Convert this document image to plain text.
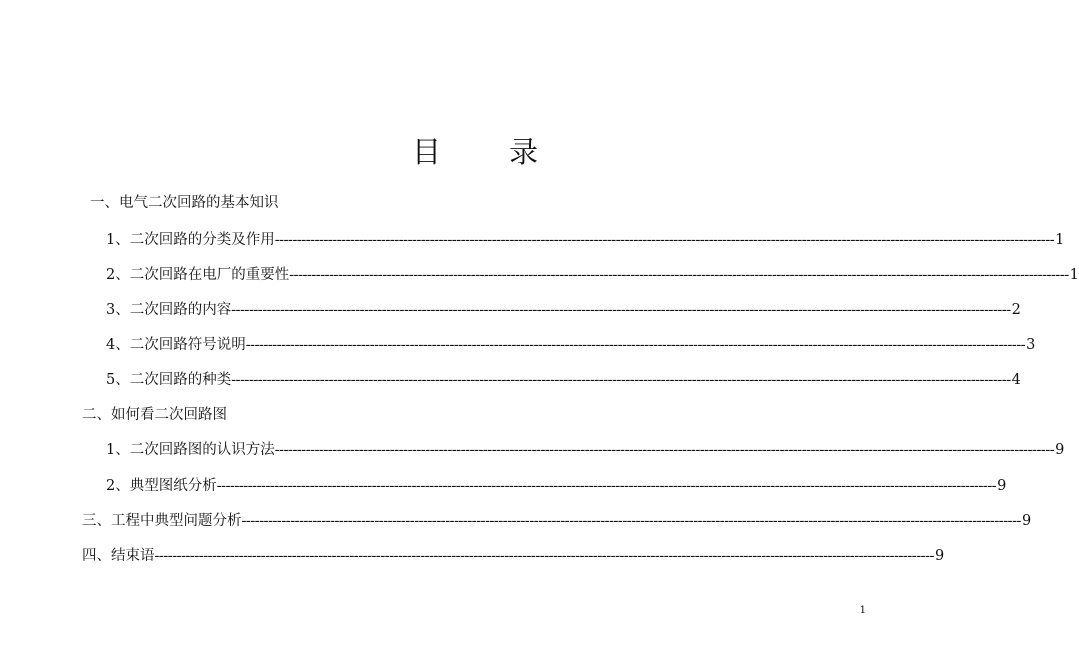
目 录
一、电气二次回路的基本知识
1、 二次回路的分类及作用 -------------------------------------------------------------------------------------------------------------------------------------------------------------------------------- 1
2、 二次回路在电厂的重要性 -------------------------------------------------------------------------------------------------------------------------------------------------------------------------------- 1
3、 二次回路的内容 -------------------------------------------------------------------------------------------------------------------------------------------------------------------------------- 2
4、 二次回路符号说明 -------------------------------------------------------------------------------------------------------------------------------------------------------------------------------- 3
5、 二次回路的种类 -------------------------------------------------------------------------------------------------------------------------------------------------------------------------------- 4
二、如何看二次回路图
1、 二次回路图的认识方法 -------------------------------------------------------------------------------------------------------------------------------------------------------------------------------- 9
2、 典型图纸分析 -------------------------------------------------------------------------------------------------------------------------------------------------------------------------------- 9
三、工程中典型问题分析 -------------------------------------------------------------------------------------------------------------------------------------------------------------------------------- 9
四、结束语 -------------------------------------------------------------------------------------------------------------------------------------------------------------------------------- 9
1
